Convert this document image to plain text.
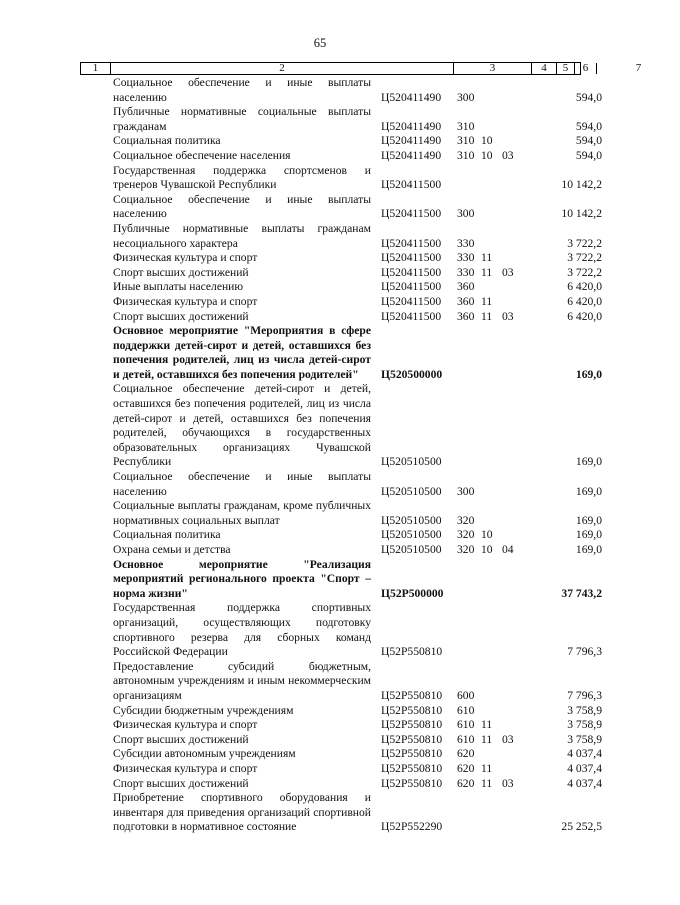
65
1	2	3	4	5	6	7
Социальное обеспечение и иные выплаты населению	Ц520411490 300	594,0
Публичные нормативные социальные выплаты гражданам	Ц520411490 310	594,0
Социальная политика	Ц520411490 310 10	594,0
Социальное обеспечение населения	Ц520411490 310 10 03	594,0
Государственная поддержка спортсменов и тренеров Чувашской Республики	Ц520411500	10 142,2
Социальное обеспечение и иные выплаты населению	Ц520411500 300	10 142,2
Публичные нормативные выплаты гражданам несоциального характера	Ц520411500 330	3 722,2
Физическая культура и спорт	Ц520411500 330 11	3 722,2
Спорт высших достижений	Ц520411500 330 11 03	3 722,2
Иные выплаты населению	Ц520411500 360	6 420,0
Физическая культура и спорт	Ц520411500 360 11	6 420,0
Спорт высших достижений	Ц520411500 360 11 03	6 420,0
Основное мероприятие "Мероприятия в сфере поддержки детей-сирот и детей, оставшихся без попечения родителей, лиц из числа детей-сирот и детей, оставшихся без попечения родителей"	Ц520500000	169,0
Социальное обеспечение детей-сирот и детей, оставшихся без попечения родителей, лиц из числа детей-сирот и детей, оставшихся без попечения родителей, обучающихся в государственных образовательных организациях Чувашской Республики	Ц520510500	169,0
Социальное обеспечение и иные выплаты населению	Ц520510500 300	169,0
Социальные выплаты гражданам, кроме публичных нормативных социальных выплат	Ц520510500 320	169,0
Социальная политика	Ц520510500 320 10	169,0
Охрана семьи и детства	Ц520510500 320 10 04	169,0
Основное мероприятие "Реализация мероприятий регионального проекта "Спорт – норма жизни"	Ц52P500000	37 743,2
Государственная поддержка спортивных организаций, осуществляющих подготовку спортивного резерва для сборных команд Российской Федерации	Ц52P550810	7 796,3
Предоставление субсидий бюджетным, автономным учреждениям и иным некоммерческим организациям	Ц52P550810 600	7 796,3
Субсидии бюджетным учреждениям	Ц52P550810 610	3 758,9
Физическая культура и спорт	Ц52P550810 610 11	3 758,9
Спорт высших достижений	Ц52P550810 610 11 03	3 758,9
Субсидии автономным учреждениям	Ц52P550810 620	4 037,4
Физическая культура и спорт	Ц52P550810 620 11	4 037,4
Спорт высших достижений	Ц52P550810 620 11 03	4 037,4
Приобретение спортивного оборудования и инвентаря для приведения организаций спортивной подготовки в нормативное состояние	Ц52P552290	25 252,5
